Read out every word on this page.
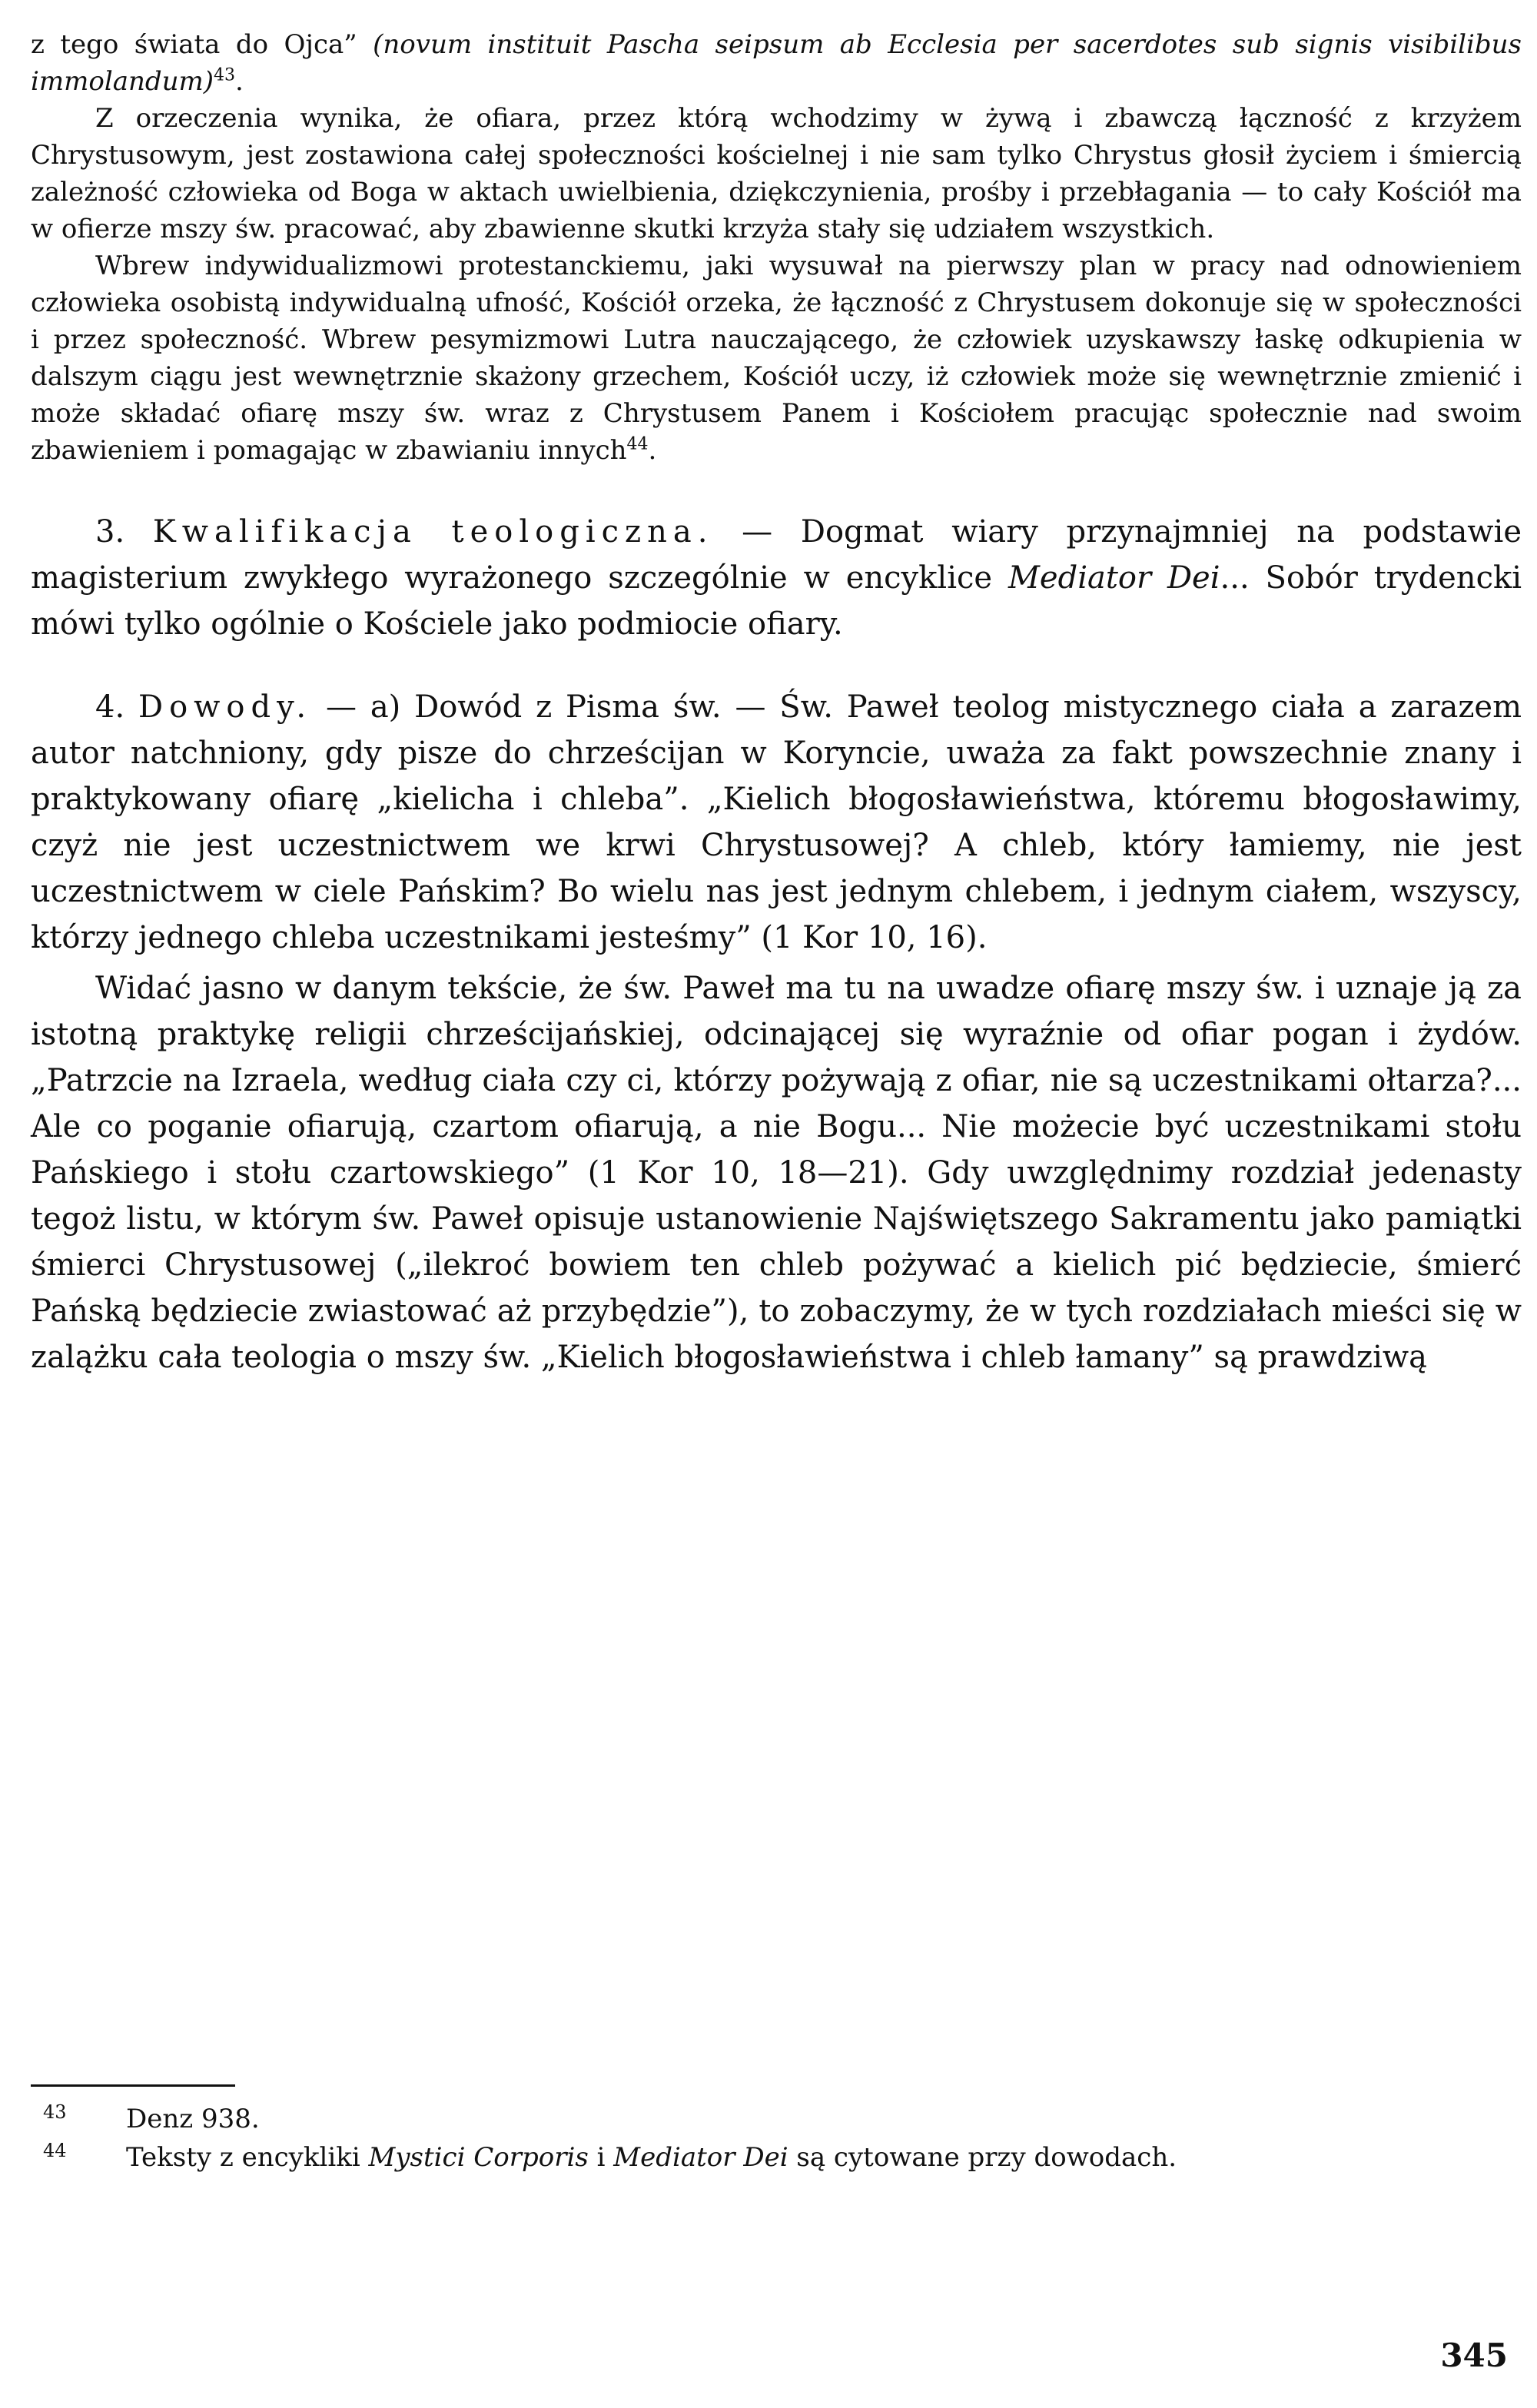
z tego świata do Ojca” (novum instituit Pascha seipsum ab Ecclesia per sacerdotes sub signis visibilibus immolandum)$^{43}$.

Z orzeczenia wynika, że ofiara, przez którą wchodzimy w żywą i zbawczą łączność z krzyżem Chrystusowym, jest zostawiona całej społeczności kościelnej i nie sam tylko Chrystus głosił życiem i śmiercią zależność człowieka od Boga w aktach uwielbienia, dziękczynienia, prośby i przebłagania — to cały Kościół ma w ofierze mszy św. pracować, aby zbawienne skutki krzyża stały się udziałem wszystkich.

Wbrew indywidualizmowi protestanckiemu, jaki wysuwał na pierwszy plan w pracy nad odnowieniem człowieka osobistą indywidualną ufność, Kościół orzeka, że łączność z Chrystusem dokonuje się w społeczności i przez społeczność. Wbrew pesymizmowi Lutra nauczającego, że człowiek uzyskawszy łaskę odkupienia w dalszym ciągu jest wewnętrznie skażony grzechem, Kościół uczy, iż człowiek może się wewnętrznie zmienić i może składać ofiarę mszy św. wraz z Chrystusem Panem i Kościołem pracując społecznie nad swoim zbawieniem i pomagając w zbawianiu innych$^{44}$.

3. Kwalifikacja teologiczna. — Dogmat wiary przynajmniej na podstawie magisterium zwykłego wyrażonego szczególnie w encyklice Mediator Dei... Sobór trydencki mówi tylko ogólnie o Kościele jako podmiocie ofiary.

4. Dowody. — a) Dowód z Pisma św. — Św. Paweł teolog mistycznego ciała a zarazem autor natchniony, gdy pisze do chrześcijan w Koryncie, uważa za fakt powszechnie znany i praktykowany ofiarę „kielicha i chleba”. „Kielich błogosławieństwa, któremu błogosławimy, czyż nie jest uczestnictwem we krwi Chrystusowej? A chleb, który łamiemy, nie jest uczestnictwem w ciele Pańskim? Bo wielu nas jest jednym chlebem, i jednym ciałem, wszyscy, którzy jednego chleba uczestnikami jesteśmy” (1 Kor 10, 16).

Widać jasno w danym tekście, że św. Paweł ma tu na uwadze ofiarę mszy św. i uznaje ją za istotną praktykę religii chrześcijańskiej, odcinającej się wyraźnie od ofiar pogan i żydów. „Patrzcie na Izraela, według ciała czy ci, którzy pożywają z ofiar, nie są uczestnikami ołtarza?... Ale co poganie ofiarują, czartom ofiarują, a nie Bogu... Nie możecie być uczestnikami stołu Pańskiego i stołu czartowskiego” (1 Kor 10, 18—21). Gdy uwzględnimy rozdział jedenasty tegoż listu, w którym św. Paweł opisuje ustanowienie Najświętszego Sakramentu jako pamiątki śmierci Chrystusowej („ilekroć bowiem ten chleb pożywać a kielich pić będziecie, śmierć Pańską będziecie zwiastować aż przybędzie”), to zobaczymy, że w tych rozdziałach mieści się w zalążku cała teologia o mszy św. „Kielich błogosławieństwa i chleb łamany” są prawdziwą

43 Denz 938.

44 Teksty z encykliki Mystici Corporis i Mediator Dei są cytowane przy dowodach.

345
